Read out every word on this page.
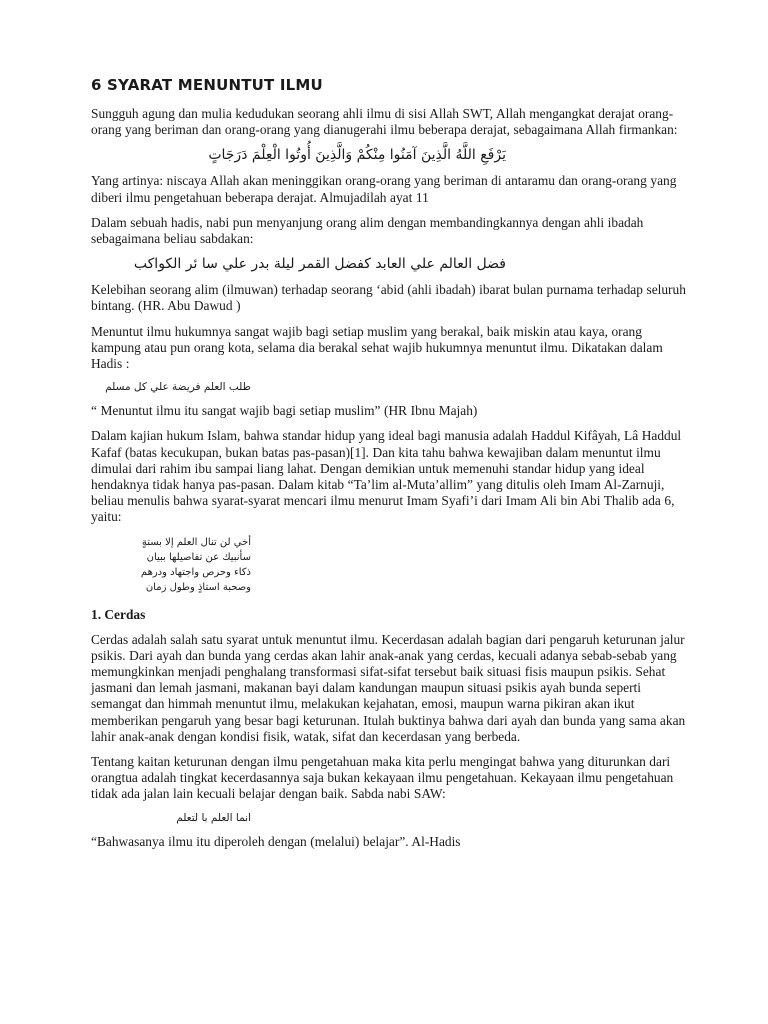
6 SYARAT MENUNTUT ILMU

Sungguh agung dan mulia kedudukan seorang ahli ilmu di sisi Allah SWT, Allah mengangkat derajat orang-orang yang beriman dan orang-orang yang dianugerahi ilmu beberapa derajat, sebagaimana Allah firmankan:

يَرْفَعِ اللَّهُ الَّذِينَ آمَنُوا مِنْكُمْ وَالَّذِينَ أُوتُوا الْعِلْمَ دَرَجَاتٍ

Yang artinya: niscaya Allah akan meninggikan orang-orang yang beriman di antaramu dan orang-orang yang diberi ilmu pengetahuan beberapa derajat. Almujadilah ayat 11

Dalam sebuah hadis, nabi pun menyanjung orang alim dengan membandingkannya dengan ahli ibadah sebagaimana beliau sabdakan:

فضل العالم علي العابد كفضل القمر ليلة بدر علي سا ئر الكواكب

Kelebihan seorang alim (ilmuwan) terhadap seorang ‘abid (ahli ibadah) ibarat bulan purnama terhadap seluruh bintang. (HR. Abu Dawud )

Menuntut ilmu hukumnya sangat wajib bagi setiap muslim yang berakal, baik miskin atau kaya, orang kampung atau pun orang kota, selama dia berakal sehat wajib hukumnya menuntut ilmu. Dikatakan dalam Hadis :

طلب العلم فريضة علي كل مسلم

“ Menuntut ilmu itu sangat wajib bagi setiap muslim” (HR Ibnu Majah)

Dalam kajian hukum Islam, bahwa standar hidup yang ideal bagi manusia adalah Haddul Kifâyah, Lâ Haddul Kafaf (batas kecukupan, bukan batas pas-pasan)[1]. Dan kita tahu bahwa kewajiban dalam menuntut ilmu dimulai dari rahim ibu sampai liang lahat. Dengan demikian untuk memenuhi standar hidup yang ideal hendaknya tidak hanya pas-pasan. Dalam kitab “Ta’lim al-Muta’allim” yang ditulis oleh Imam Al-Zarnuji, beliau menulis bahwa syarat-syarat mencari ilmu menurut Imam Syafi’i dari Imam Ali bin Abi Thalib ada 6, yaitu:

أخي لن تنال العلم إلا بستةٍ
سأنبيك عن تفاصيلها ببيان
ذكاء وحرص واجتهاد ودرهم
وصحبة استاذٍ وطول زمان

1. Cerdas

Cerdas adalah salah satu syarat untuk menuntut ilmu. Kecerdasan adalah bagian dari pengaruh keturunan jalur psikis. Dari ayah dan bunda yang cerdas akan lahir anak-anak yang cerdas, kecuali adanya sebab-sebab yang memungkinkan menjadi penghalang transformasi sifat-sifat tersebut baik situasi fisis maupun psikis. Sehat jasmani dan lemah jasmani, makanan bayi dalam kandungan maupun situasi psikis ayah bunda seperti semangat dan himmah menuntut ilmu, melakukan kejahatan, emosi, maupun warna pikiran akan ikut memberikan pengaruh yang besar bagi keturunan. Itulah buktinya bahwa dari ayah dan bunda yang sama akan lahir anak-anak dengan kondisi fisik, watak, sifat dan kecerdasan yang berbeda.

Tentang kaitan keturunan dengan ilmu pengetahuan maka kita perlu mengingat bahwa yang diturunkan dari orangtua adalah tingkat kecerdasannya saja bukan kekayaan ilmu pengetahuan. Kekayaan ilmu pengetahuan tidak ada jalan lain kecuali belajar dengan baik. Sabda nabi SAW:

انما العلم با لتعلم

“Bahwasanya ilmu itu diperoleh dengan (melalui) belajar”. Al-Hadis
